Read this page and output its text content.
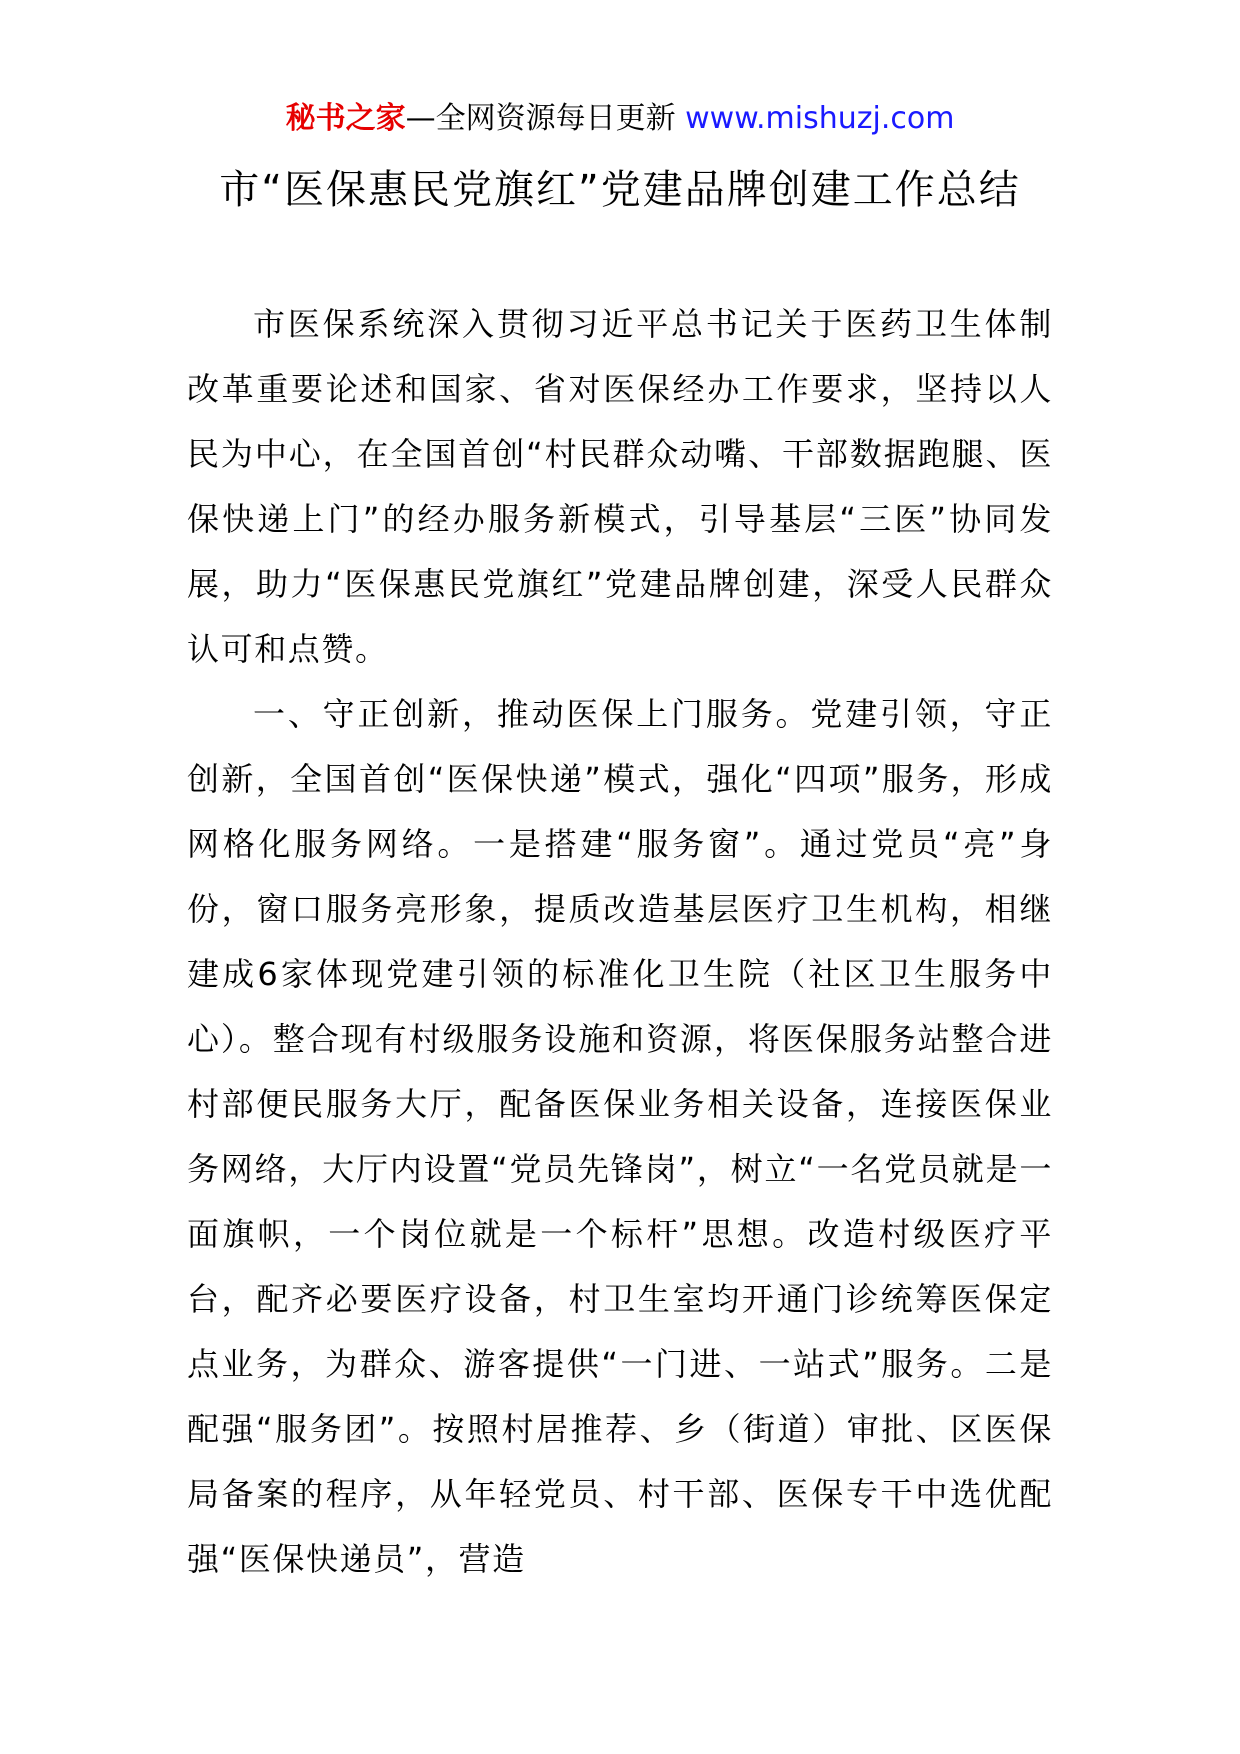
秘书之家—全网资源每日更新 www.mishuzj.com
市“医保惠民党旗红”党建品牌创建工作总结

市医保系统深入贯彻习近平总书记关于医药卫生体制改革重要论述和国家、省对医保经办工作要求，坚持以人民为中心，在全国首创“村民群众动嘴、干部数据跑腿、医保快递上门”的经办服务新模式，引导基层“三医”协同发展，助力“医保惠民党旗红”党建品牌创建，深受人民群众认可和点赞。

一、守正创新，推动医保上门服务。党建引领，守正创新，全国首创“医保快递”模式，强化“四项”服务，形成网格化服务网络。一是搭建“服务窗”。通过党员“亮”身份，窗口服务亮形象，提质改造基层医疗卫生机构，相继建成6家体现党建引领的标准化卫生院（社区卫生服务中心）。整合现有村级服务设施和资源，将医保服务站整合进村部便民服务大厅，配备医保业务相关设备，连接医保业务网络，大厅内设置“党员先锋岗”，树立“一名党员就是一面旗帜，一个岗位就是一个标杆”思想。改造村级医疗平台，配齐必要医疗设备，村卫生室均开通门诊统筹医保定点业务，为群众、游客提供“一门进、一站式”服务。二是配强“服务团”。按照村居推荐、乡（街道）审批、区医保局备案的程序，从年轻党员、村干部、医保专干中选优配强“医保快递员”，营造
